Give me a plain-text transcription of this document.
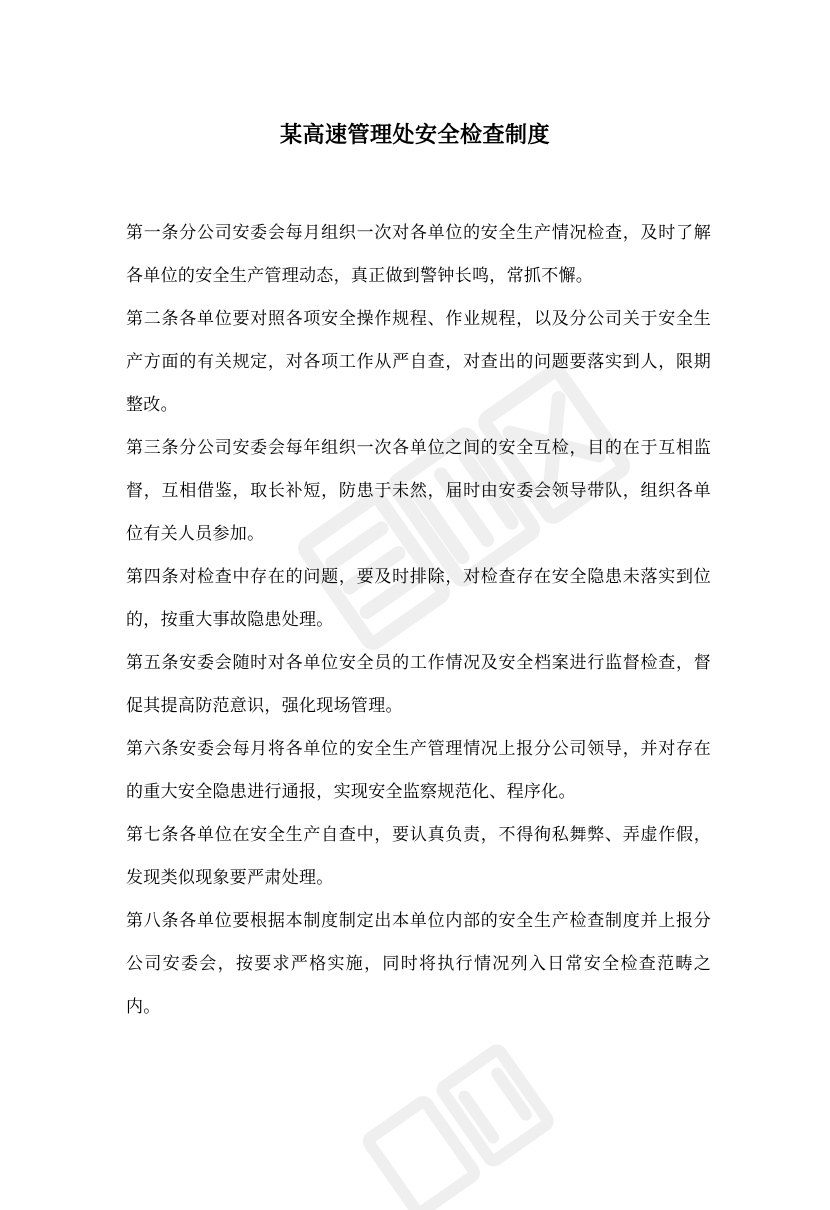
某高速管理处安全检查制度

第一条分公司安委会每月组织一次对各单位的安全生产情况检查，及时了解各单位的安全生产管理动态，真正做到警钟长鸣，常抓不懈。

第二条各单位要对照各项安全操作规程、作业规程，以及分公司关于安全生产方面的有关规定，对各项工作从严自查，对查出的问题要落实到人，限期整改。

第三条分公司安委会每年组织一次各单位之间的安全互检，目的在于互相监督，互相借鉴，取长补短，防患于未然，届时由安委会领导带队，组织各单位有关人员参加。

第四条对检查中存在的问题，要及时排除，对检查存在安全隐患未落实到位的，按重大事故隐患处理。

第五条安委会随时对各单位安全员的工作情况及安全档案进行监督检查，督促其提高防范意识，强化现场管理。

第六条安委会每月将各单位的安全生产管理情况上报分公司领导，并对存在的重大安全隐患进行通报，实现安全监察规范化、程序化。

第七条各单位在安全生产自查中，要认真负责，不得徇私舞弊、弄虚作假，发现类似现象要严肃处理。

第八条各单位要根据本制度制定出本单位内部的安全生产检查制度并上报分公司安委会，按要求严格实施，同时将执行情况列入日常安全检查范畴之内。
